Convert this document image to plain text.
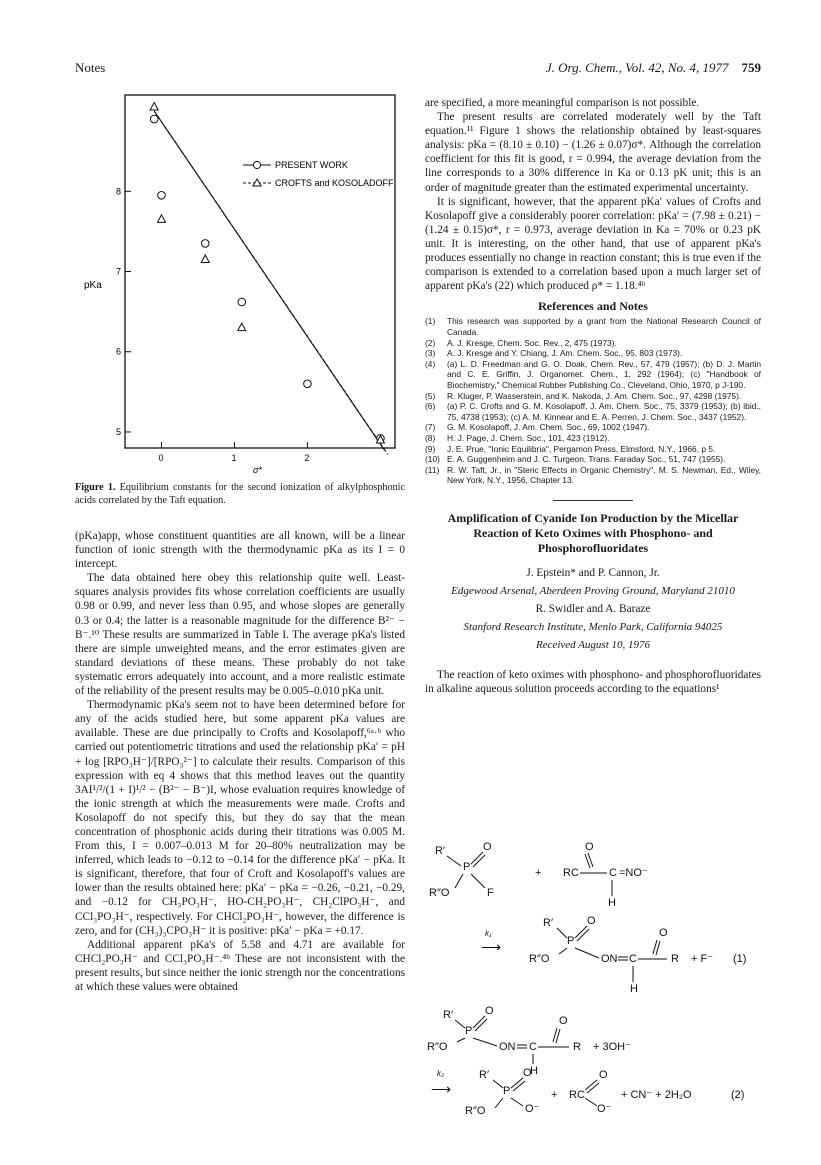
Notes	J. Org. Chem., Vol. 42, No. 4, 1977 759
0	1	2
5
6
7
8
pKa
σ*
PRESENT WORK
CROFTS and KOSOLADOFF
Figure 1. Equilibrium constants for the second ionization of alkylphosphonic acids correlated by the Taft equation.

(pKa)app, whose constituent quantities are all known, will be a linear function of ionic strength with the thermodynamic pKa as its I = 0 intercept.

The data obtained here obey this relationship quite well. Least-squares analysis provides fits whose correlation coefficients are usually 0.98 or 0.99, and never less than 0.95, and whose slopes are generally 0.3 or 0.4; the latter is a reasonable magnitude for the difference B²⁻ − B⁻.¹⁰ These results are summarized in Table I. The average pKa's listed there are simple unweighted means, and the error estimates given are standard deviations of these means. These probably do not take systematic errors adequately into account, and a more realistic estimate of the reliability of the present results may be 0.005–0.010 pKa unit.

Thermodynamic pKa's seem not to have been determined before for any of the acids studied here, but some apparent pKa values are available. These are due principally to Crofts and Kosolapoff,⁶ᵃ·ᵇ who carried out potentiometric titrations and used the relationship pKa′ = pH + log [RPO₃H⁻]/[RPO₃²⁻] to calculate their results. Comparison of this expression with eq 4 shows that this method leaves out the quantity 3AI¹/²/(1 + I)¹/² − (B²⁻ − B⁻)I, whose evaluation requires knowledge of the ionic strength at which the measurements were made. Crofts and Kosolapoff do not specify this, but they do say that the mean concentration of phosphonic acids during their titrations was 0.005 M. From this, I = 0.007–0.013 M for 20–80% neutralization may be inferred, which leads to −0.12 to −0.14 for the difference pKa′ − pKa. It is significant, therefore, that four of Croft and Kosolapoff's values are lower than the results obtained here: pKa′ − pKa = −0.26, −0.21, −0.29, and −0.12 for CH₃PO₃H⁻, HO-CH₂PO₃H⁻, CH₂ClPO₃H⁻, and CCl₃PO₃H⁻, respectively. For CHCl₂PO₃H⁻, however, the difference is zero, and for (CH₃)₃CPO₃H⁻ it is positive: pKa′ − pKa = +0.17.

Additional apparent pKa's of 5.58 and 4.71 are available for CHCl₂PO₃H⁻ and CCl₃PO₃H⁻.⁴ᵇ These are not inconsistent with the present results, but since neither the ionic strength nor the concentrations at which these values were obtained

are specified, a more meaningful comparison is not possible.

The present results are correlated moderately well by the Taft equation.¹¹ Figure 1 shows the relationship obtained by least-squares analysis: pKa = (8.10 ± 0.10) − (1.26 ± 0.07)σ*. Although the correlation coefficient for this fit is good, r = 0.994, the average deviation from the line corresponds to a 30% difference in Ka or 0.13 pK unit; this is an order of magnitude greater than the estimated experimental uncertainty.

It is significant, however, that the apparent pKa′ values of Crofts and Kosolapoff give a considerably poorer correlation: pKa′ = (7.98 ± 0.21) − (1.24 ± 0.15)σ*, r = 0.973, average deviation in Ka = 70% or 0.23 pK unit. It is interesting, on the other hand, that use of apparent pKa's produces essentially no change in reaction constant; this is true even if the comparison is extended to a correlation based upon a much larger set of apparent pKa's (22) which produced ρ* = 1.18.⁴ᵇ

References and Notes
(1) This research was supported by a grant from the National Research Council of Canada.
(2) A. J. Kresge, Chem. Soc. Rev., 2, 475 (1973).
(3) A. J. Kresge and Y. Chiang, J. Am. Chem. Soc., 95, 803 (1973).
(4) (a) L. D. Freedman and G. O. Doak, Chem. Rev., 57, 479 (1957); (b) D. J. Martin and C. E. Griffin, J. Organomet. Chem., 1, 292 (1964); (c) "Handbook of Biochemistry," Chemical Rubber Publishing Co., Cleveland, Ohio, 1970, p J-190.
(5) R. Kluger, P. Wasserstein, and K. Nakoda, J. Am. Chem. Soc., 97, 4298 (1975).
(6) (a) P. C. Crofts and G. M. Kosolapoff, J. Am. Chem. Soc., 75, 3379 (1953); (b) ibid., 75, 4738 (1953); (c) A. M. Kinnear and E. A. Perren, J. Chem. Soc., 3437 (1952).
(7) G. M. Kosolapoff, J. Am. Chem. Soc., 69, 1002 (1947).
(8) H. J. Page, J. Chem. Soc., 101, 423 (1912).
(9) J. E. Prue, "Ionic Equilibria", Pergamon Press, Elmsford, N.Y., 1966, p 5.
(10) E. A. Guggenheim and J. C. Turgeon, Trans. Faraday Soc., 51, 747 (1955).
(11) R. W. Taft, Jr., in "Steric Effects in Organic Chemistry", M. S. Newman, Ed., Wiley, New York, N.Y., 1956, Chapter 13.
Amplification of Cyanide Ion Production by the Micellar Reaction of Keto Oximes with Phosphono- and Phosphorofluoridates
J. Epstein* and P. Cannon, Jr.
Edgewood Arsenal, Aberdeen Proving Ground, Maryland 21010
R. Swidler and A. Baraze
Stanford Research Institute, Menlo Park, California 94025
Received August 10, 1976

The reaction of keto oximes with phosphono- and phosphorofluoridates in alkaline aqueous solution proceeds according to the equations¹

R′
P
O
R″O	F
+ RC
O
C =NO⁻
H
R′
P
O
k₁
⟶
R″O	ON C
O
R + F⁻ (1)
H
R′
P
O
R″O	ON C
O
R + 3OH⁻
H
k₂
⟶
R′
P
O
R″O	O⁻
+ RC
O
O⁻
+ CN⁻ + 2H₂O	(2)
